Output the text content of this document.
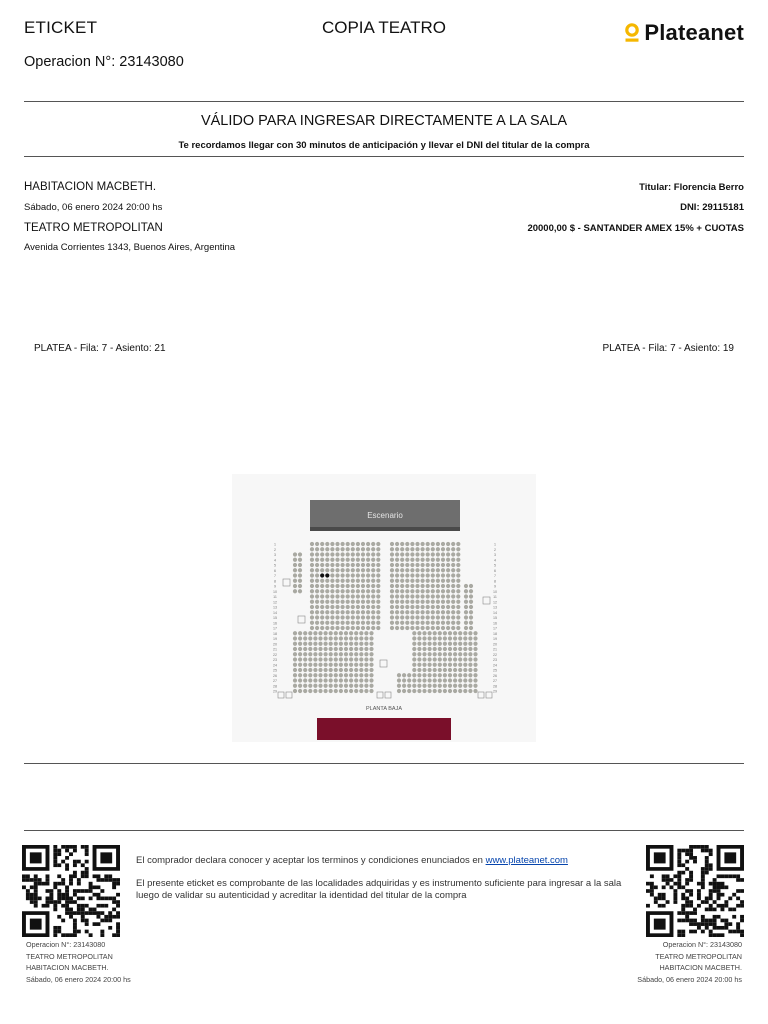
ETICKET
Operacion N°: 23143080
COPIA TEATRO	Plateanet
VÁLIDO PARA INGRESAR DIRECTAMENTE A LA SALA
Te recordamos llegar con 30 minutos de anticipación y llevar el DNI del titular de la compra
HABITACION MACBETH.
Sábado, 06 enero 2024 20:00 hs
TEATRO METROPOLITAN
Avenida Corrientes 1343, Buenos Aires, Argentina
Titular: Florencia Berro
DNI: 29115181
20000,00 $ - SANTANDER AMEX 15% + CUOTAS
PLATEA - Fila: 7 - Asiento: 21	PLATEA - Fila: 7 - Asiento: 19
Escenario
1	1
2	2
3	3
4	4
5	5
6	6
7	7
8	8
9	9
10	10
11	11
12	12
13	13
14	14
15	15
16	16
17	17
18	18
19	19
20	20
21	21
22	22
23	23
24	24
25	25
26	26
27	27
28	28
29	29
PLANTA BAJA
Operacion N°: 23143080
TEATRO METROPOLITAN
HABITACION MACBETH.
Sábado, 06 enero 2024 20:00 hs
El comprador declara conocer y aceptar los terminos y condiciones enunciados en www.plateanet.com
El presente eticket es comprobante de las localidades adquiridas y es instrumento suficiente para ingresar a la sala luego de validar su autenticidad y acreditar la identidad del titular de la compra
Operacion N°: 23143080
TEATRO METROPOLITAN
HABITACION MACBETH.
Sábado, 06 enero 2024 20:00 hs
